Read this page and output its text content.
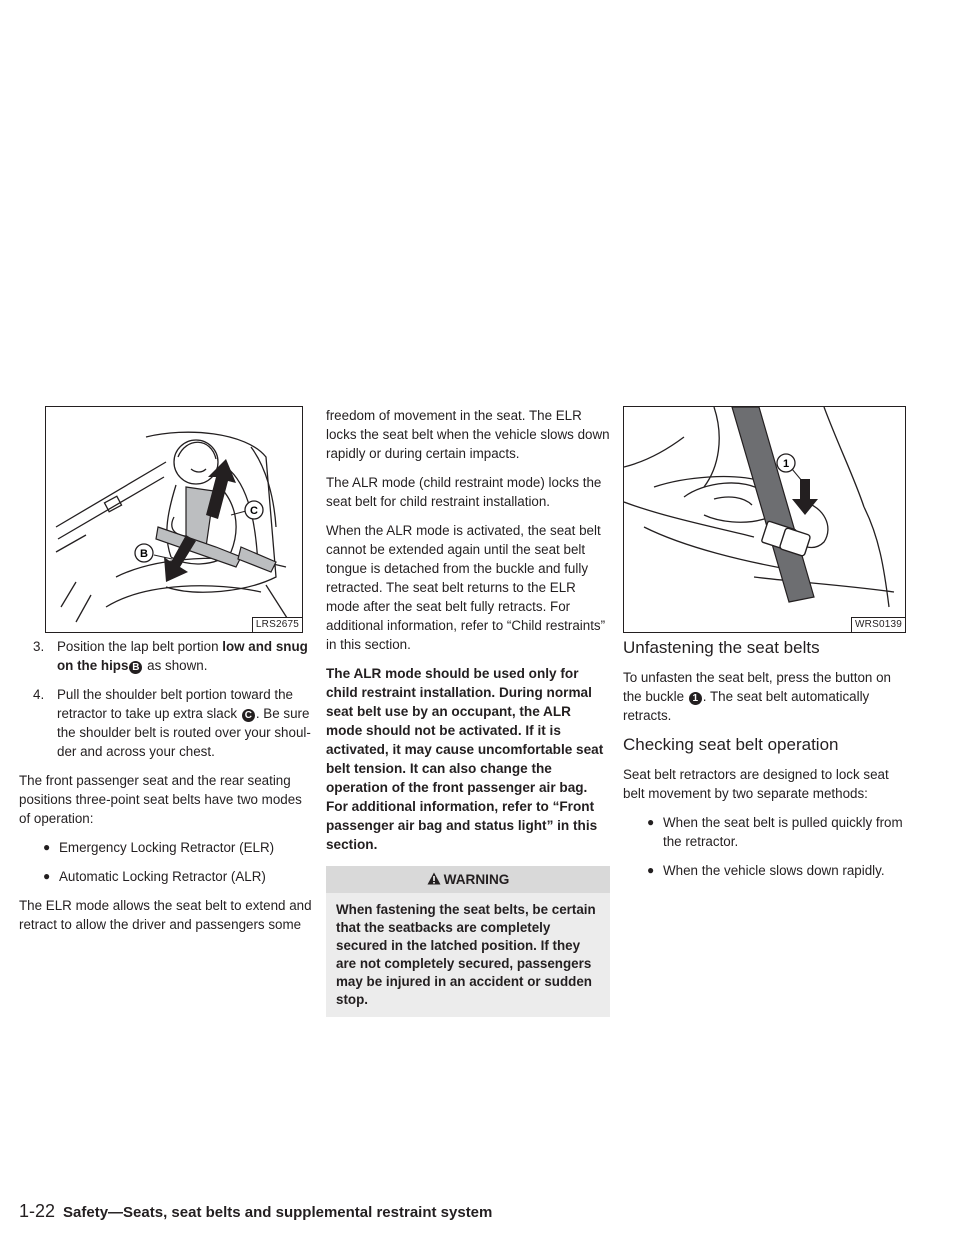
B
C
LRS2675
3. Position the lap belt portion low and snug on the hips B as shown.
4. Pull the shoulder belt portion toward the retractor to take up extra slack C . Be sure the shoulder belt is routed over your shoulder and across your chest.

The front passenger seat and the rear seating positions three-point seat belts have two modes of operation:

● Emergency Locking Retractor (ELR)
● Automatic Locking Retractor (ALR)

The ELR mode allows the seat belt to extend and retract to allow the driver and passengers some

freedom of movement in the seat. The ELR locks the seat belt when the vehicle slows down rapidly or during certain impacts.

The ALR mode (child restraint mode) locks the seat belt for child restraint installation.

When the ALR mode is activated, the seat belt cannot be extended again until the seat belt tongue is detached from the buckle and fully retracted. The seat belt returns to the ELR mode after the seat belt fully retracts. For additional information, refer to “Child restraints” in this section.

The ALR mode should be used only for child restraint installation. During normal seat belt use by an occupant, the ALR mode should not be activated. If it is activated, it may cause uncomfortable seat belt tension. It can also change the operation of the front passenger air bag. For additional information, refer to “Front passenger air bag and status light” in this section.

WARNING
When fastening the seat belts, be certain that the seatbacks are completely secured in the latched position. If they are not completely secured, passengers may be injured in an accident or sudden stop.
1
WRS0139
Unfastening the seat belts

To unfasten the seat belt, press the button on the buckle 1 . The seat belt automatically retracts.

Checking seat belt operation

Seat belt retractors are designed to lock seat belt movement by two separate methods:

● When the seat belt is pulled quickly from the retractor.
● When the vehicle slows down rapidly.
1-22 Safety—Seats, seat belts and supplemental restraint system
